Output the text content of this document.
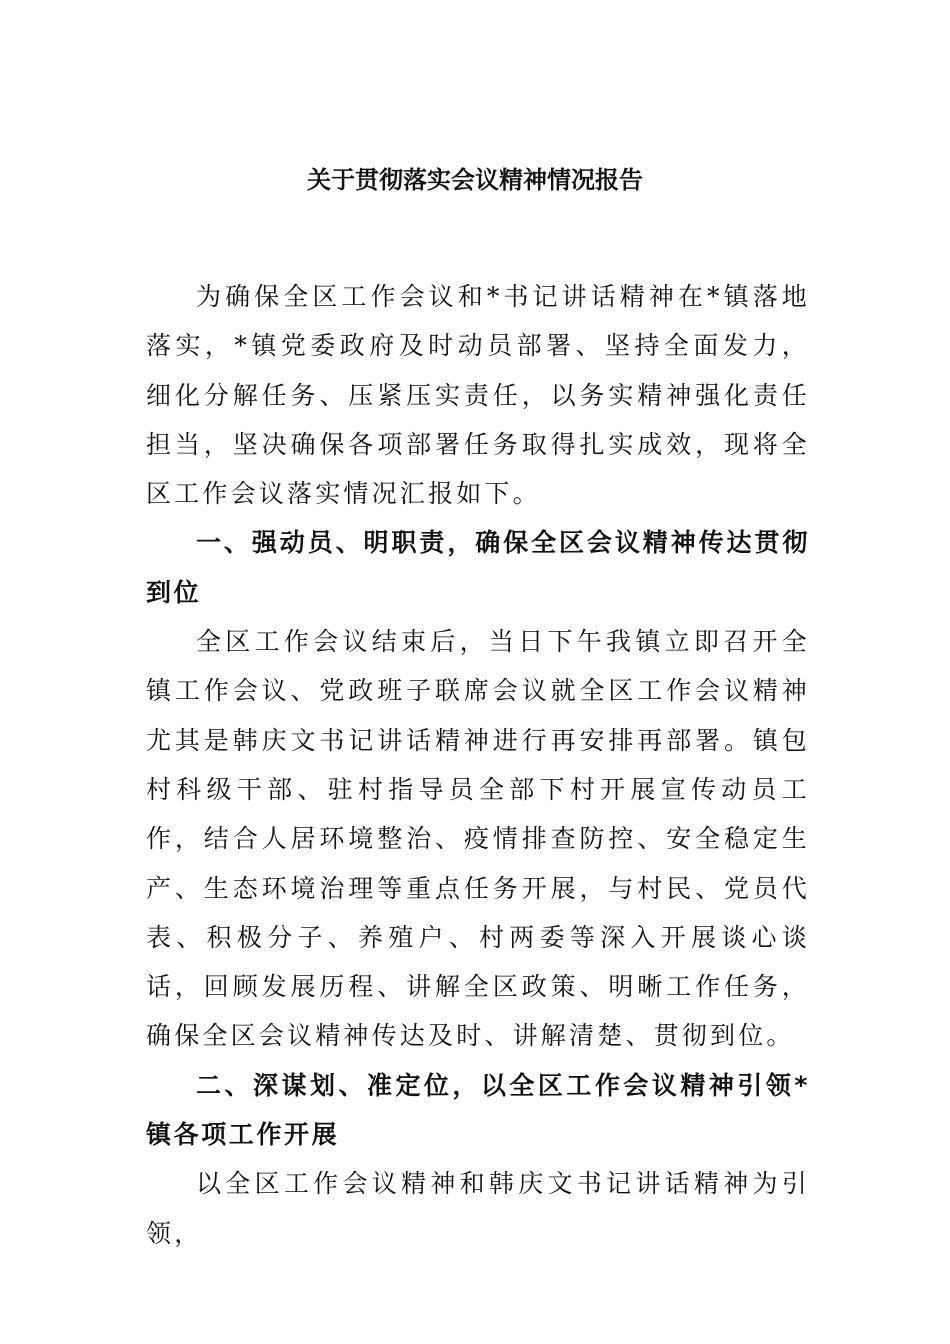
关于贯彻落实会议精神情况报告

为确保全区工作会议和*书记讲话精神在*镇落地落实，*镇党委政府及时动员部署、坚持全面发力，细化分解任务、压紧压实责任，以务实精神强化责任担当，坚决确保各项部署任务取得扎实成效，现将全区工作会议落实情况汇报如下。

一、强动员、明职责，确保全区会议精神传达贯彻到位

全区工作会议结束后，当日下午我镇立即召开全镇工作会议、党政班子联席会议就全区工作会议精神尤其是韩庆文书记讲话精神进行再安排再部署。镇包村科级干部、驻村指导员全部下村开展宣传动员工作，结合人居环境整治、疫情排查防控、安全稳定生产、生态环境治理等重点任务开展，与村民、党员代表、积极分子、养殖户、村两委等深入开展谈心谈话，回顾发展历程、讲解全区政策、明晰工作任务，确保全区会议精神传达及时、讲解清楚、贯彻到位。

二、深谋划、准定位，以全区工作会议精神引领*镇各项工作开展

以全区工作会议精神和韩庆文书记讲话精神为引领，
